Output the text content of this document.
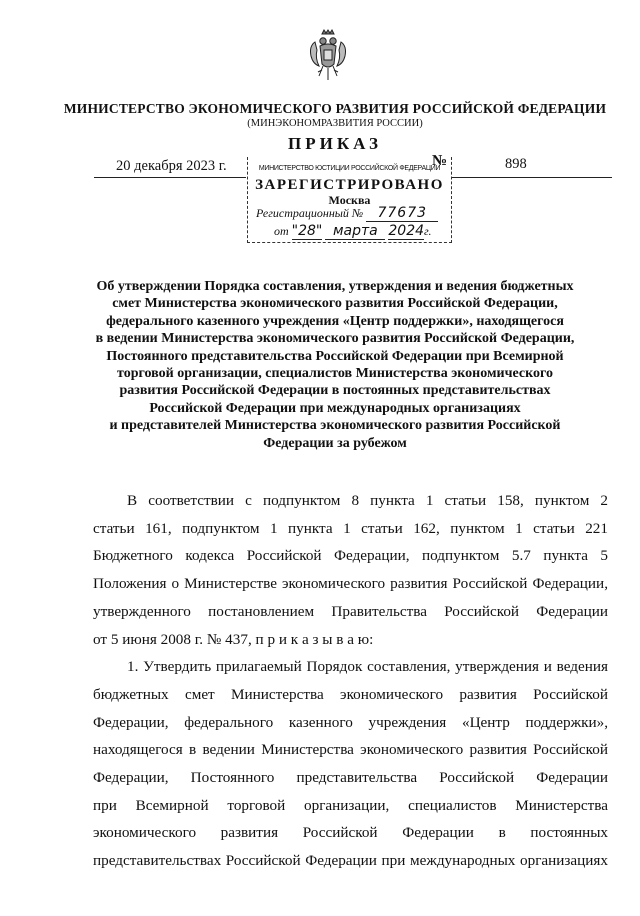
МИНИСТЕРСТВО ЭКОНОМИЧЕСКОГО РАЗВИТИЯ РОССИЙСКОЙ ФЕДЕРАЦИИ
(МИНЭКОНОМРАЗВИТИЯ РОССИИ)
ПРИКАЗ
20 декабря 2023 г.	№	898
МИНИСТЕРСТВО ЮСТИЦИИ РОССИЙСКОЙ ФЕДЕРАЦИИ
ЗАРЕГИСТРИРОВАНО
Москва
Регистрационный № 77673
от "28" марта 2024г.
Об утверждении Порядка составления, утверждения и ведения бюджетных
смет Министерства экономического развития Российской Федерации,
федерального казенного учреждения «Центр поддержки», находящегося
в ведении Министерства экономического развития Российской Федерации,
Постоянного представительства Российской Федерации при Всемирной
торговой организации, специалистов Министерства экономического
развития Российской Федерации в постоянных представительствах
Российской Федерации при международных организациях
и представителей Министерства экономического развития Российской
Федерации за рубежом

В соответствии с подпунктом 8 пункта 1 статьи 158, пунктом 2

статьи 161, подпунктом 1 пункта 1 статьи 162, пунктом 1 статьи 221

Бюджетного кодекса Российской Федерации, подпунктом 5.7 пункта 5

Положения о Министерстве экономического развития Российской Федерации,

утвержденного постановлением Правительства Российской Федерации

от 5 июня 2008 г. № 437, п р и к а з ы в а ю:

1. Утвердить прилагаемый Порядок составления, утверждения и ведения

бюджетных смет Министерства экономического развития Российской

Федерации, федерального казенного учреждения «Центр поддержки»,

находящегося в ведении Министерства экономического развития Российской

Федерации, Постоянного представительства Российской Федерации

при Всемирной торговой организации, специалистов Министерства

экономического развития Российской Федерации в постоянных

представительствах Российской Федерации при международных организациях
